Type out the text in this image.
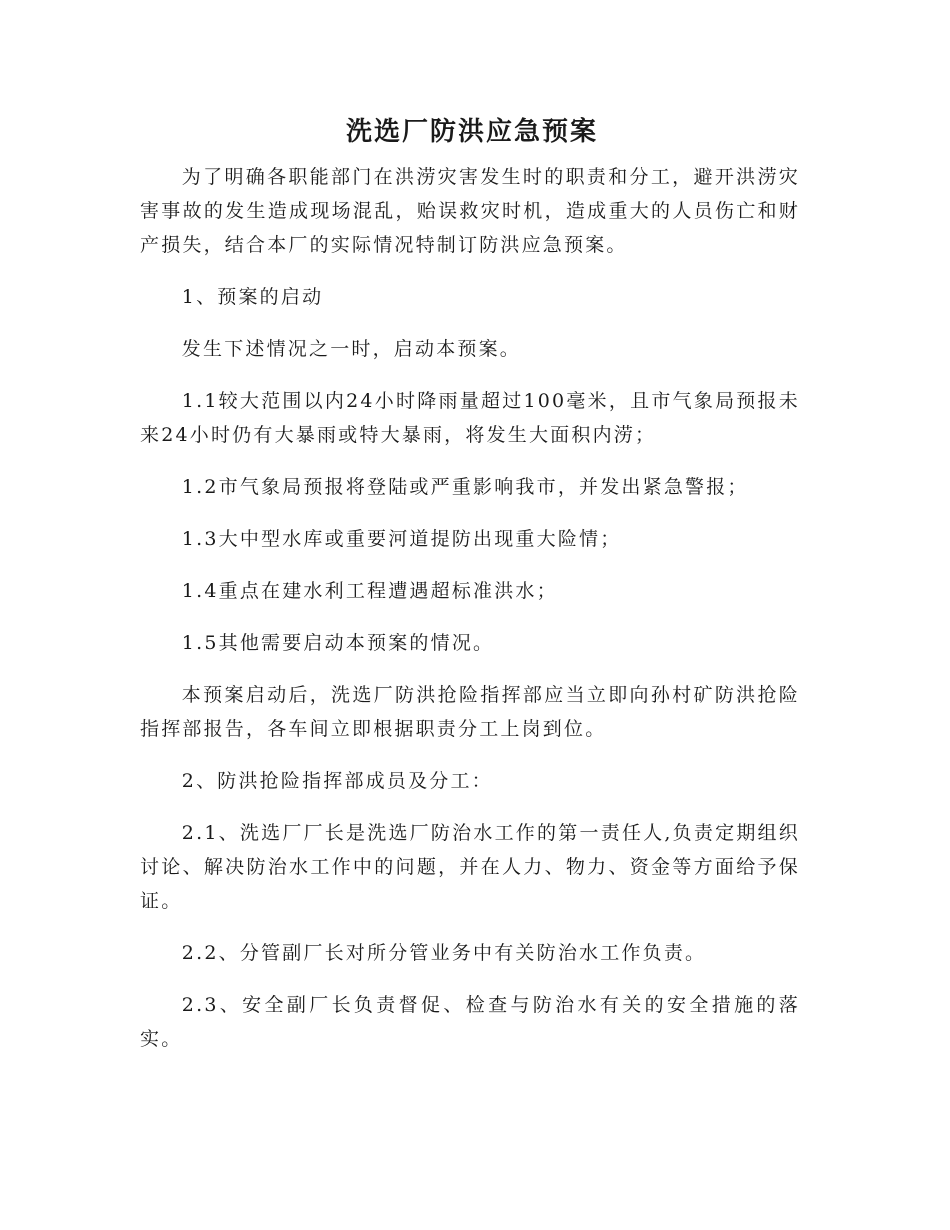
洗选厂防洪应急预案

为了明确各职能部门在洪涝灾害发生时的职责和分工，避开洪涝灾害事故的发生造成现场混乱，贻误救灾时机，造成重大的人员伤亡和财产损失，结合本厂的实际情况特制订防洪应急预案。

1、预案的启动

发生下述情况之一时，启动本预案。

1.1较大范围以内24小时降雨量超过100毫米，且市气象局预报未来24小时仍有大暴雨或特大暴雨，将发生大面积内涝；

1.2市气象局预报将登陆或严重影响我市，并发出紧急警报；

1.3大中型水库或重要河道提防出现重大险情；

1.4重点在建水利工程遭遇超标准洪水；

1.5其他需要启动本预案的情况。

本预案启动后，洗选厂防洪抢险指挥部应当立即向孙村矿防洪抢险指挥部报告，各车间立即根据职责分工上岗到位。

2、防洪抢险指挥部成员及分工：

2.1、洗选厂厂长是洗选厂防治水工作的第一责任人,负责定期组织讨论、解决防治水工作中的问题，并在人力、物力、资金等方面给予保证。

2.2、分管副厂长对所分管业务中有关防治水工作负责。

2.3、安全副厂长负责督促、检查与防治水有关的安全措施的落实。
